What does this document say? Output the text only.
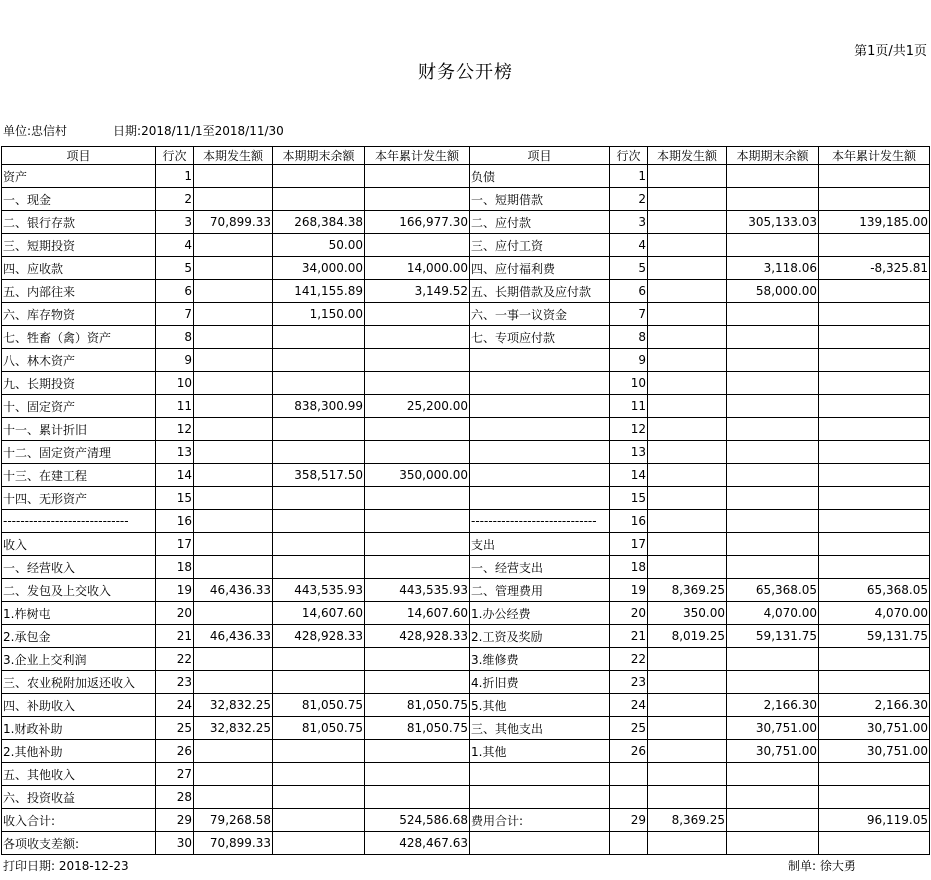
第1页/共1页
财务公开榜
单位:忠信村	日期:2018/11/1至2018/11/30
项目	行次	本期发生额	本期期末余额	本年累计发生额	项目	行次	本期发生额	本期期末余额	本年累计发生额
资产	1				负债	1			
一、现金	2				一、短期借款	2			
二、银行存款	3	70,899.33	268,384.38	166,977.30	二、应付款	3		305,133.03	139,185.00
三、短期投资	4		50.00		三、应付工资	4			
四、应收款	5		34,000.00	14,000.00	四、应付福利费	5		3,118.06	-8,325.81
五、内部往来	6		141,155.89	3,149.52	五、长期借款及应付款	6		58,000.00	
六、库存物资	7		1,150.00		六、一事一议资金	7			
七、牲畜（禽）资产	8				七、专项应付款	8			
八、林木资产	9					9			
九、长期投资	10					10			
十、固定资产	11		838,300.99	25,200.00		11			
十一、累计折旧	12					12			
十二、固定资产清理	13					13			
十三、在建工程	14		358,517.50	350,000.00		14			
十四、无形资产	15					15			
-----------------------------	16				-----------------------------	16			
收入	17				支出	17			
一、经营收入	18				一、经营支出	18			
二、发包及上交收入	19	46,436.33	443,535.93	443,535.93	二、管理费用	19	8,369.25	65,368.05	65,368.05
1.柞树屯	20		14,607.60	14,607.60	1.办公经费	20	350.00	4,070.00	4,070.00
2.承包金	21	46,436.33	428,928.33	428,928.33	2.工资及奖励	21	8,019.25	59,131.75	59,131.75
3.企业上交利润	22				3.维修费	22			
三、农业税附加返还收入	23				4.折旧费	23			
四、补助收入	24	32,832.25	81,050.75	81,050.75	5.其他	24		2,166.30	2,166.30
1.财政补助	25	32,832.25	81,050.75	81,050.75	三、其他支出	25		30,751.00	30,751.00
2.其他补助	26				1.其他	26		30,751.00	30,751.00
五、其他收入	27								
六、投资收益	28								
收入合计:	29	79,268.58		524,586.68	费用合计:	29	8,369.25		96,119.05
各项收支差额:	30	70,899.33		428,467.63					
打印日期: 2018-12-23	制单: 徐大勇
